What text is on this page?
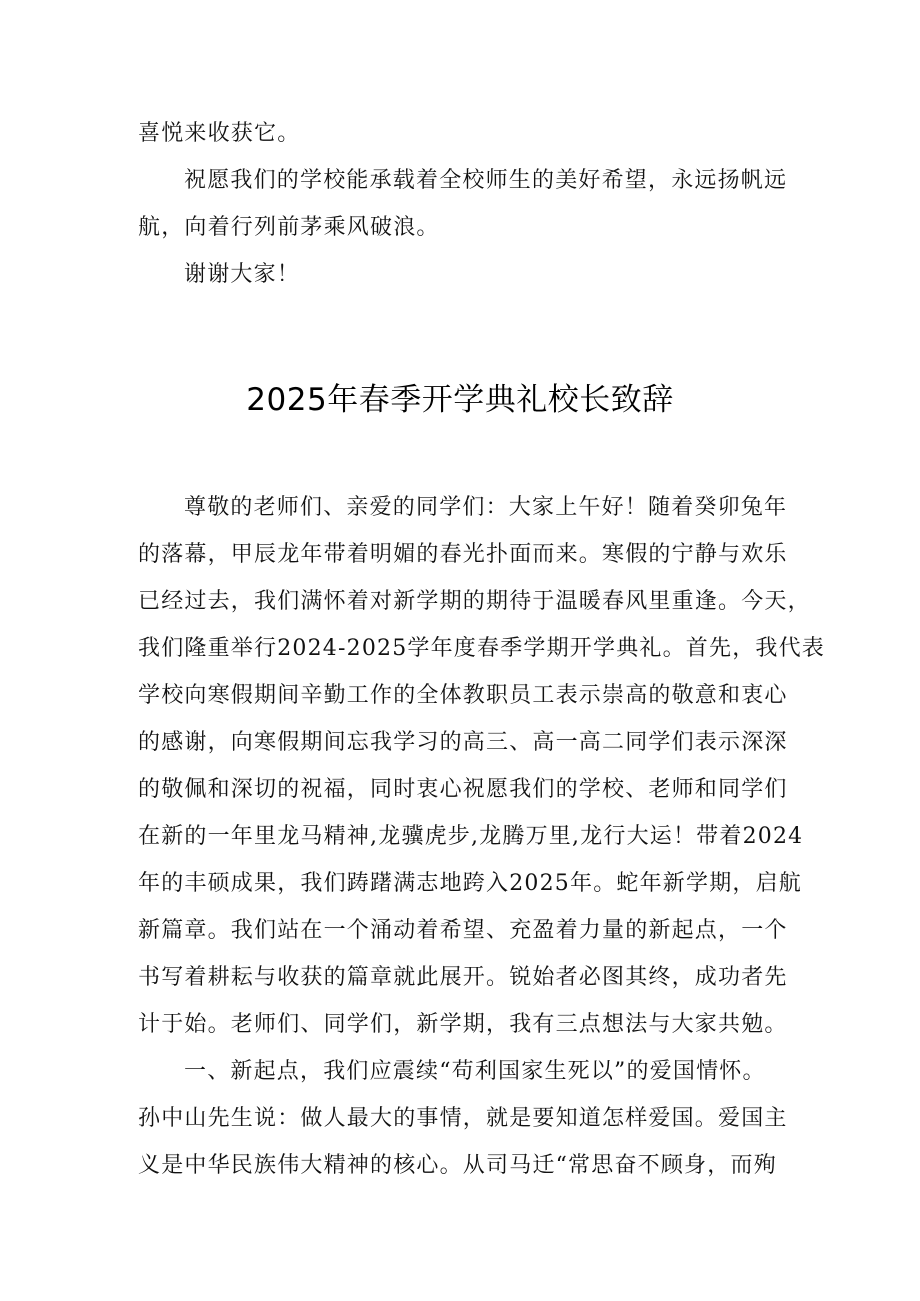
喜悦来收获它。
祝愿我们的学校能承载着全校师生的美好希望，永远扬帆远
航，向着行列前茅乘风破浪。
谢谢大家！
2025年春季开学典礼校长致辞
尊敬的老师们、亲爱的同学们：大家上午好！随着癸卯兔年
的落幕，甲辰龙年带着明媚的春光扑面而来。寒假的宁静与欢乐
已经过去，我们满怀着对新学期的期待于温暖春风里重逢。今天，
我们隆重举行2024-2025学年度春季学期开学典礼。首先，我代表
学校向寒假期间辛勤工作的全体教职员工表示崇高的敬意和衷心
的感谢，向寒假期间忘我学习的高三、高一高二同学们表示深深
的敬佩和深切的祝福，同时衷心祝愿我们的学校、老师和同学们
在新的一年里龙马精神,龙骥虎步,龙腾万里,龙行大运！带着2024
年的丰硕成果，我们踌躇满志地跨入2025年。蛇年新学期，启航
新篇章。我们站在一个涌动着希望、充盈着力量的新起点，一个
书写着耕耘与收获的篇章就此展开。锐始者必图其终，成功者先
计于始。老师们、同学们，新学期，我有三点想法与大家共勉。
一、新起点，我们应震续“苟利国家生死以”的爱国情怀。
孙中山先生说：做人最大的事情，就是要知道怎样爱国。爱国主
义是中华民族伟大精神的核心。从司马迁“常思奋不顾身，而殉
